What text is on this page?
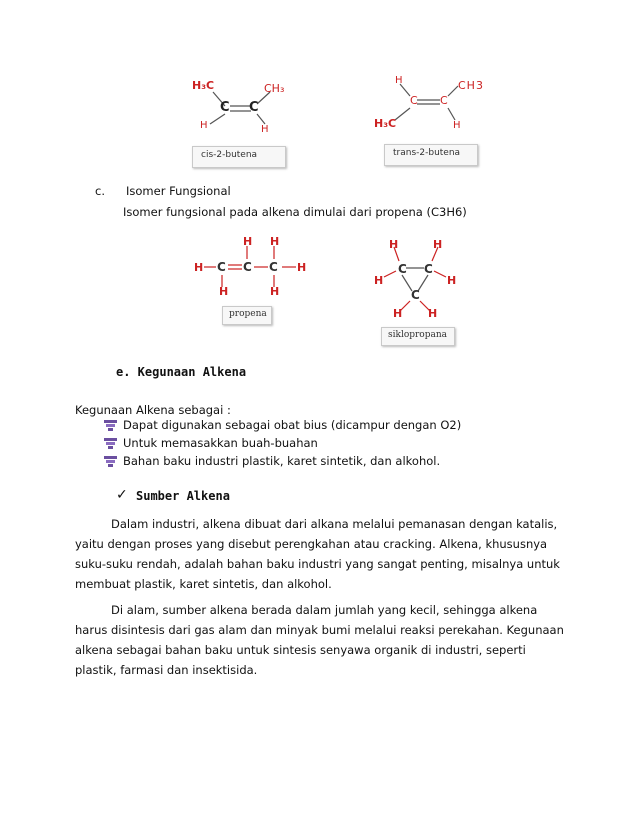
H₃C
C C
CH₃
H	H
cis-2-butena
H
C C
CH3
H₃C	H
trans-2-butena
c. Isomer Fungsional
Isomer fungsional pada alkena dimulai dari propena (C3H6)
H C C C H
H H
H	H
propena
H	H
C C
H	H
C
H H
siklopropana
e. Kegunaan Alkena
Kegunaan Alkena sebagai :
Dapat digunakan sebagai obat bius (dicampur dengan O2)
Untuk memasakkan buah-buahan
Bahan baku industri plastik, karet sintetik, dan alkohol.
✓ Sumber Alkena
Dalam industri, alkena dibuat dari alkana melalui pemanasan dengan katalis, yaitu dengan proses yang disebut perengkahan atau cracking. Alkena, khususnya suku-suku rendah, adalah bahan baku industri yang sangat penting, misalnya untuk membuat plastik, karet sintetis, dan alkohol.
Di alam, sumber alkena berada dalam jumlah yang kecil, sehingga alkena harus disintesis dari gas alam dan minyak bumi melalui reaksi perekahan. Kegunaan alkena sebagai bahan baku untuk sintesis senyawa organik di industri, seperti plastik, farmasi dan insektisida.
